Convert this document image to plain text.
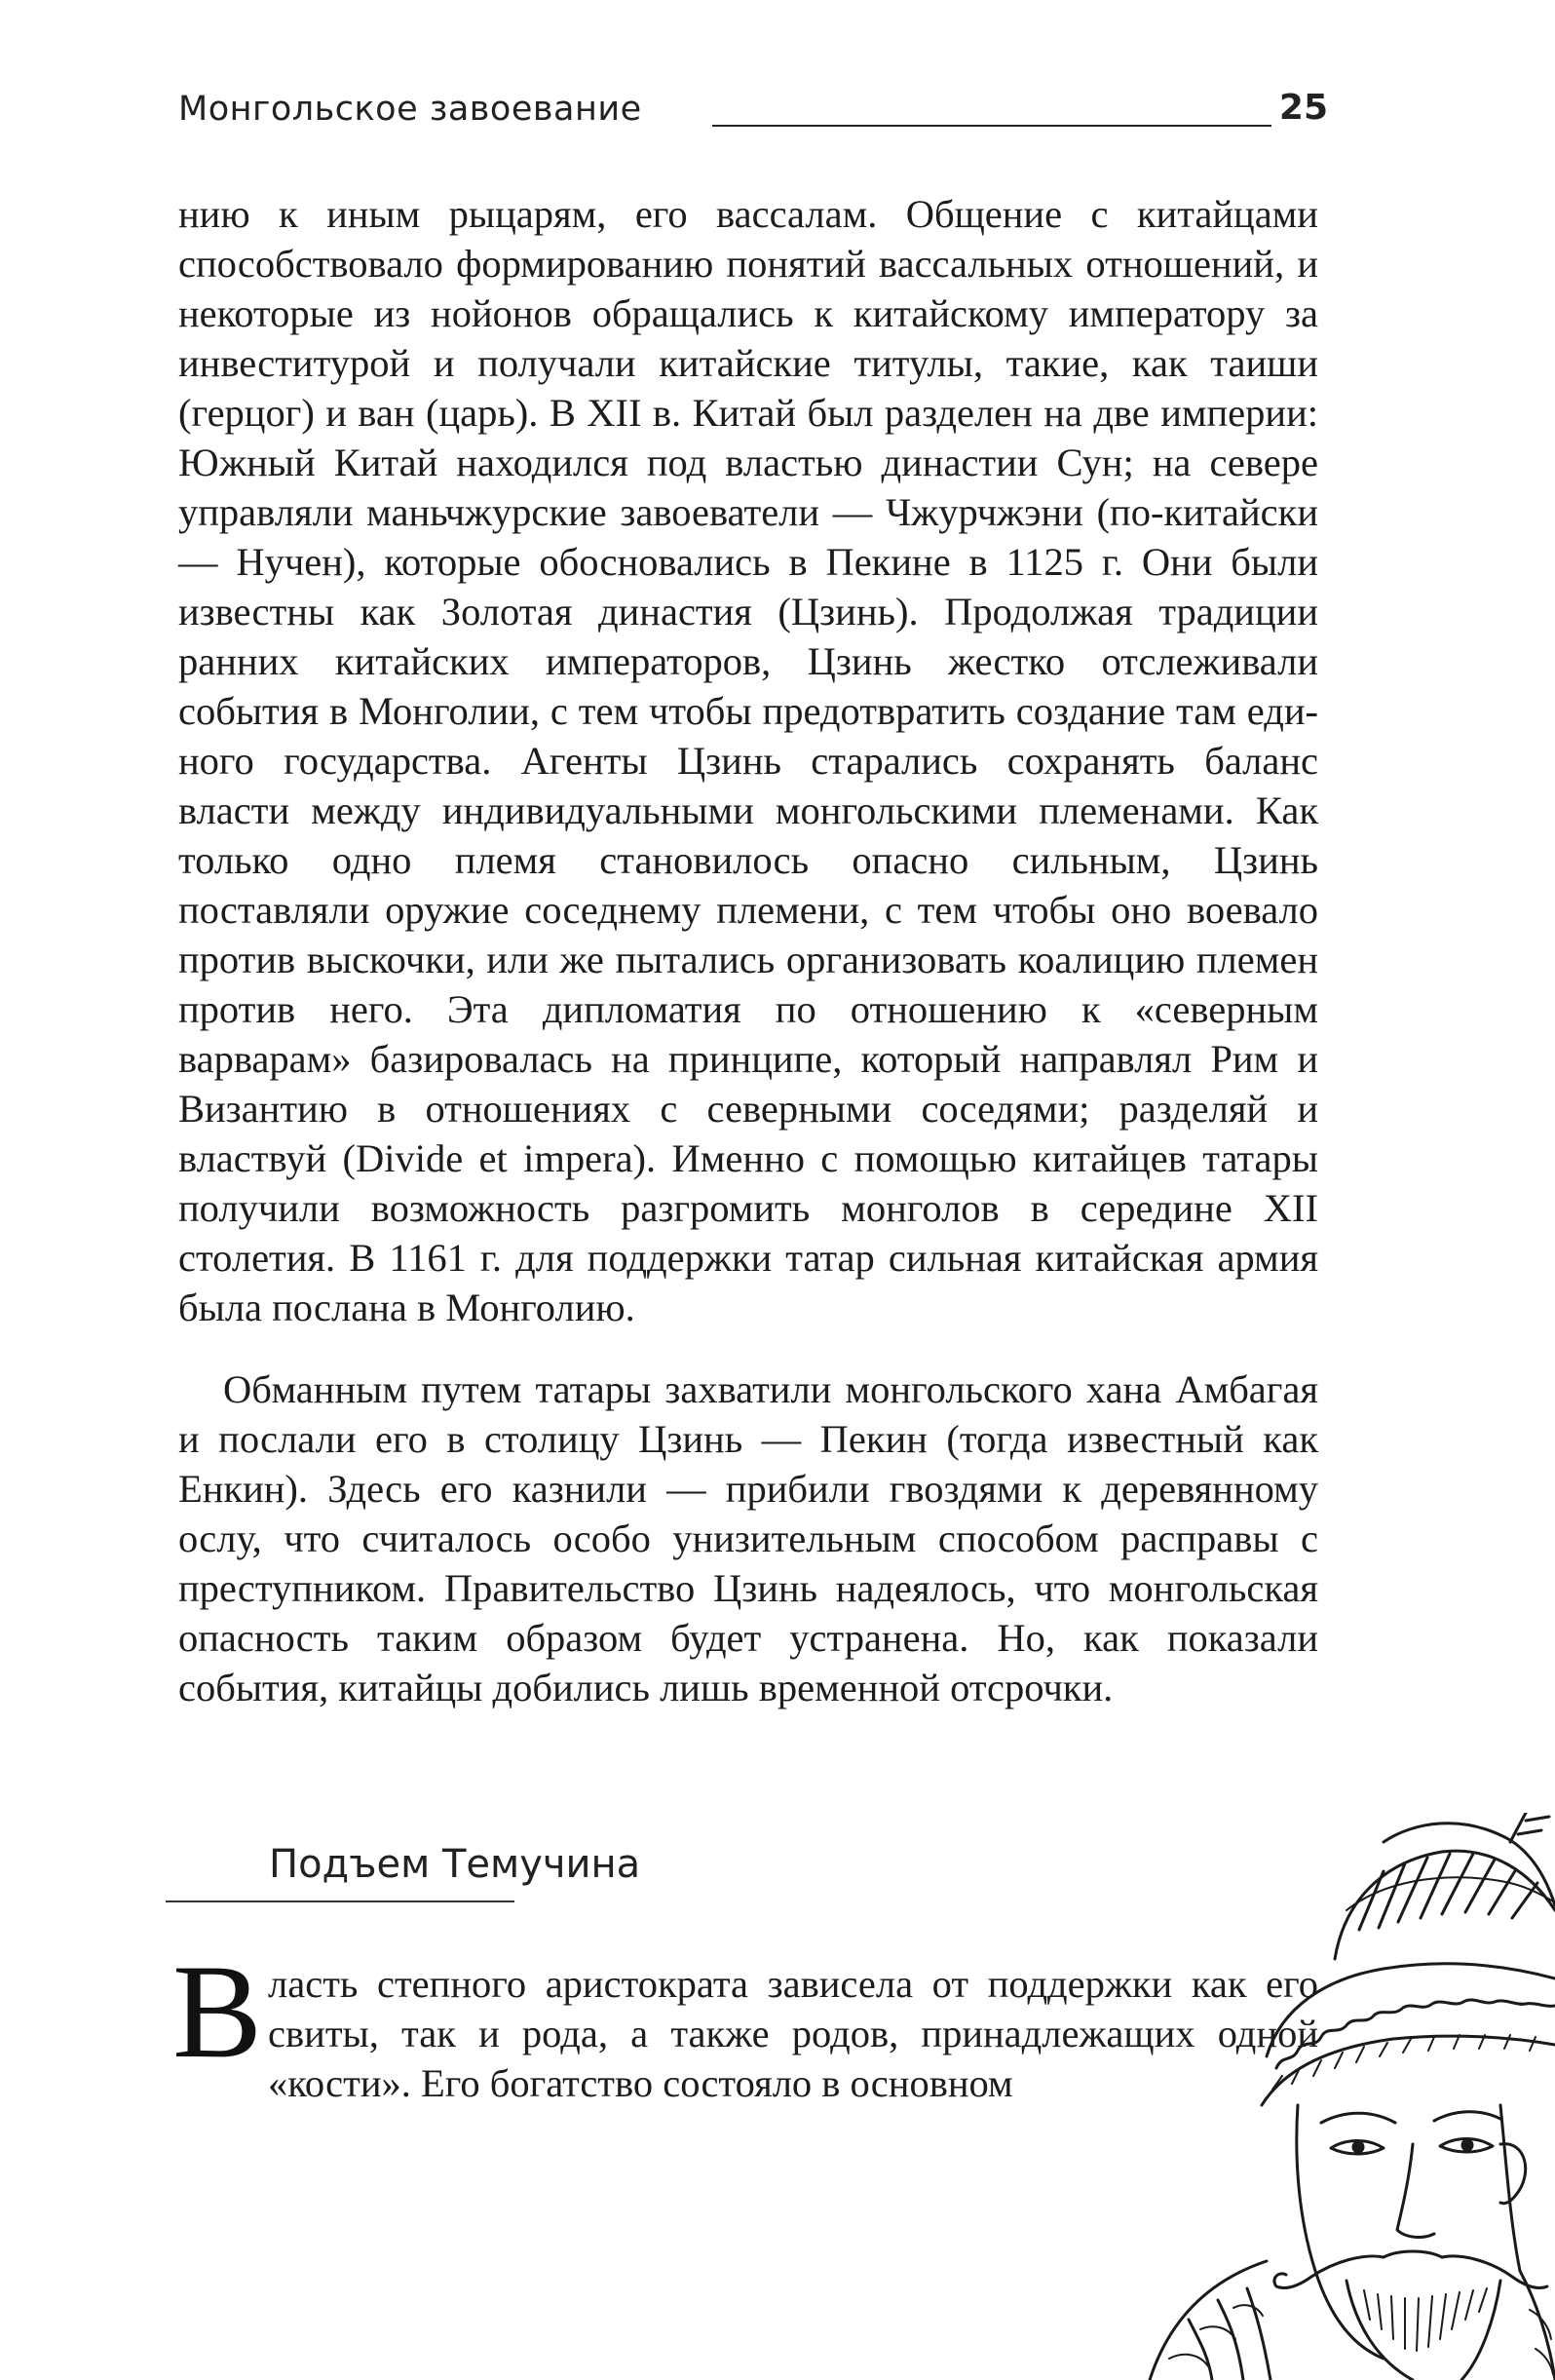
Монгольское завоевание	25

нию к иным рыцарям, его вассалам. Общение с китайцами способствовало формированию понятий вассальных отношений, и некоторые из нойонов обращались к китайскому императору за инвеститурой и получали китайские титулы, такие, как таиши (герцог) и ван (царь). В XII в. Китай был разделен на две империи: Южный Китай находился под властью династии Сун; на севере управляли маньчжурские завоеватели — Чжурчжэни (по-китайски — Нучен), которые обосновались в Пекине в 1125 г. Они были известны как Золотая династия (Цзинь). Продолжая традиции ранних китайских императоров, Цзинь жестко отслеживали события в Монголии, с тем чтобы предотвратить создание там единого государства. Агенты Цзинь старались сохранять баланс власти между индивидуальными монгольскими племенами. Как только одно племя становилось опасно сильным, Цзинь поставляли оружие соседнему племени, с тем чтобы оно воевало против выскочки, или же пытались организовать коалицию племен против него. Эта дипломатия по отношению к «северным варварам» базировалась на принципе, который направлял Рим и Византию в отношениях с северными соседями; разделяй и властвуй (Divide et impera). Именно с помощью китайцев татары получили возможность разгромить монголов в середине XII столетия. В 1161 г. для поддержки татар сильная китайская армия была послана в Монголию.

Обманным путем татары захватили монгольского хана Амбагая и послали его в столицу Цзинь — Пекин (тогда известный как Енкин). Здесь его казнили — прибили гвоздями к деревянному ослу, что считалось особо унизительным способом расправы с преступником. Правительство Цзинь надеялось, что монгольская опасность таким образом будет устранена. Но, как показали события, китайцы добились лишь временной отсрочки.

Подъем Темучина

Власть степного аристократа зависела от поддержки как его свиты, так и рода, а также родов, принадлежащих одной «кости». Его богатство состояло в основном
